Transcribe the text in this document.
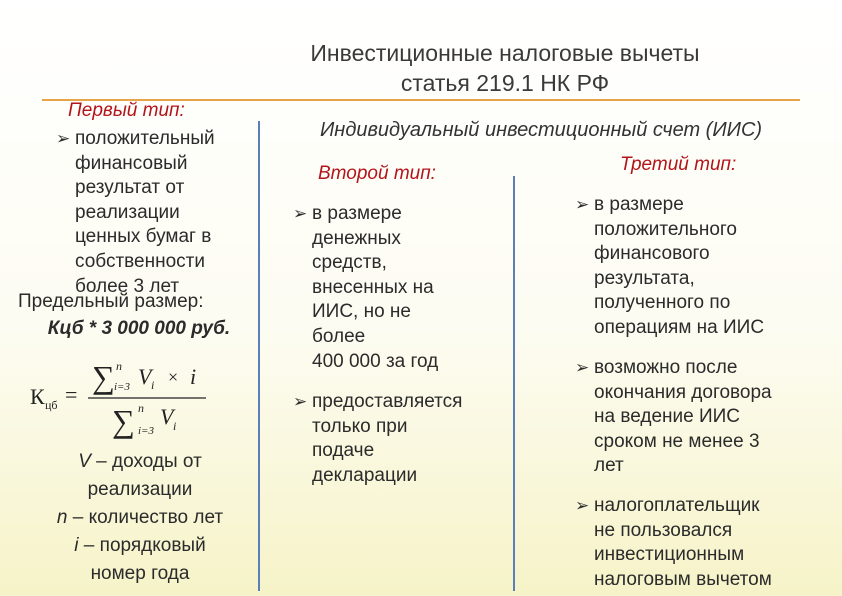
Инвестиционные налоговые вычеты
статья 219.1 НК РФ
Первый тип:
➢ положительный
финансовый
результат от
реализации
ценных бумаг в
собственности
более 3 лет
Предельный размер:
Кцб * 3 000 000 руб.
К цб = ∑ n
i=3 V i × i
∑ n
i=3
V i
V – доходы от
реализации
n – количество лет
i – порядковый
номер года
Индивидуальный инвестиционный счет (ИИС)
Второй тип:
➢ в размере
денежных
средств,
внесенных на
ИИС, но не
более
400 000 за год
➢ предоставляется
только при
подаче
декларации
Третий тип:
➢ в размере
положительного
финансового
результата,
полученного по
операциям на ИИС
➢ возможно после
окончания договора
на ведение ИИС
сроком не менее 3
лет
➢ налогоплательщик
не пользовался
инвестиционным
налоговым вычетом
